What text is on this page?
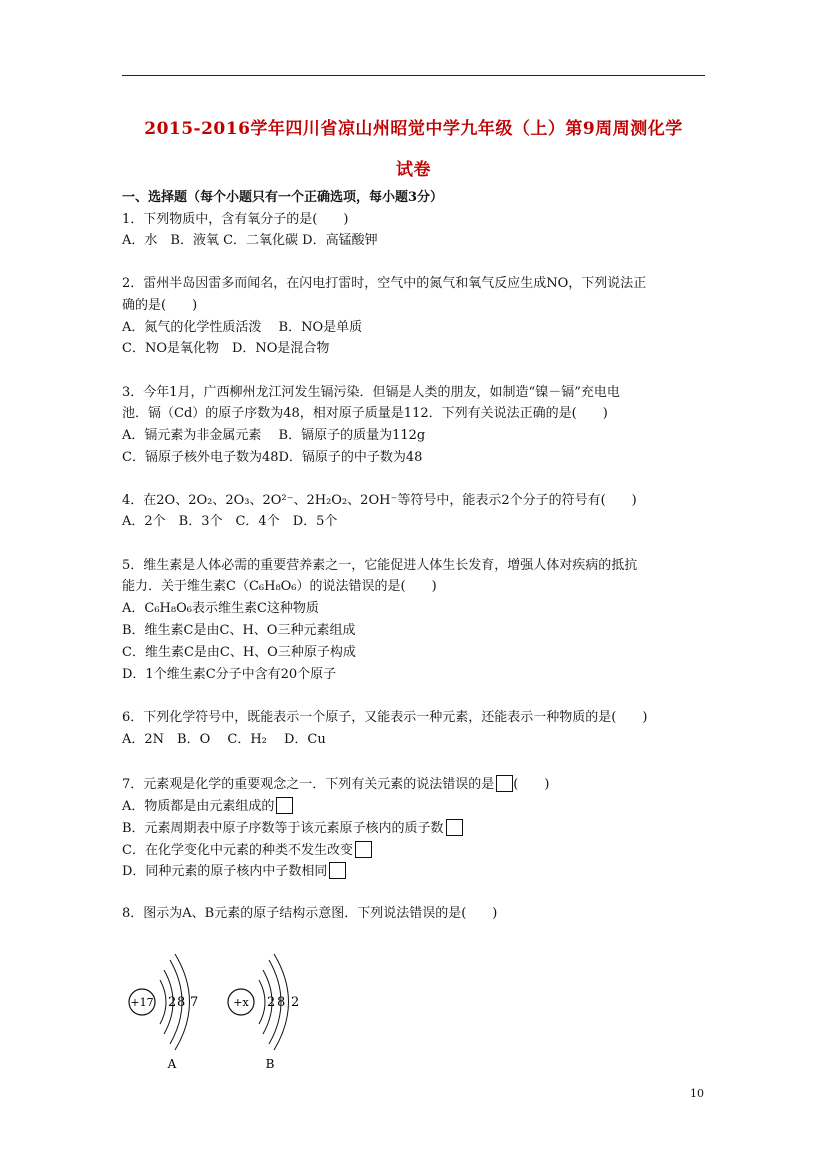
2015-2016学年四川省凉山州昭觉中学九年级（上）第9周周测化学
试卷
一、选择题（每个小题只有一个正确选项，每小题3分）
1．下列物质中，含有氧分子的是(　　)
A．水　B．液氧 C．二氧化碳 D．高锰酸钾
2．雷州半岛因雷多而闻名，在闪电打雷时，空气中的氮气和氧气反应生成NO，下列说法正
确的是(　　)
A．氮气的化学性质活泼　 B．NO是单质
C．NO是氧化物　D．NO是混合物
3．今年1月，广西柳州龙江河发生镉污染．但镉是人类的朋友，如制造“镍－镉”充电电
池．镉（Cd）的原子序数为48，相对原子质量是112．下列有关说法正确的是(　　)
A．镉元素为非金属元素　 B．镉原子的质量为112g
C．镉原子核外电子数为48D．镉原子的中子数为48
4．在2O、2O₂、2O₃、2O²⁻、2H₂O₂、2OH⁻等符号中，能表示2个分子的符号有(　　)
A．2个　B．3个　C．4个　D．5个
5．维生素是人体必需的重要营养素之一，它能促进人体生长发育，增强人体对疾病的抵抗
能力．关于维生素C（C₆H₈O₆）的说法错误的是(　　)
A．C₆H₈O₆表示维生素C这种物质
B．维生素C是由C、H、O三种元素组成
C．维生素C是由C、H、O三种原子构成
D．1个维生素C分子中含有20个原子
6．下列化学符号中，既能表示一个原子，又能表示一种元素，还能表示一种物质的是(　　)
A．2N　B．O　 C．H₂　 D．Cu
7．元素观是化学的重要观念之一．下列有关元素的说法错误的是 (　　)
A．物质都是由元素组成的
B．元素周期表中原子序数等于该元素原子核内的质子数
C．在化学变化中元素的种类不发生改变
D．同种元素的原子核内中子数相同
8．图示为A、B元素的原子结构示意图．下列说法错误的是(　　)
+17 2 8 7
A
+x 2 8 2
B
10
